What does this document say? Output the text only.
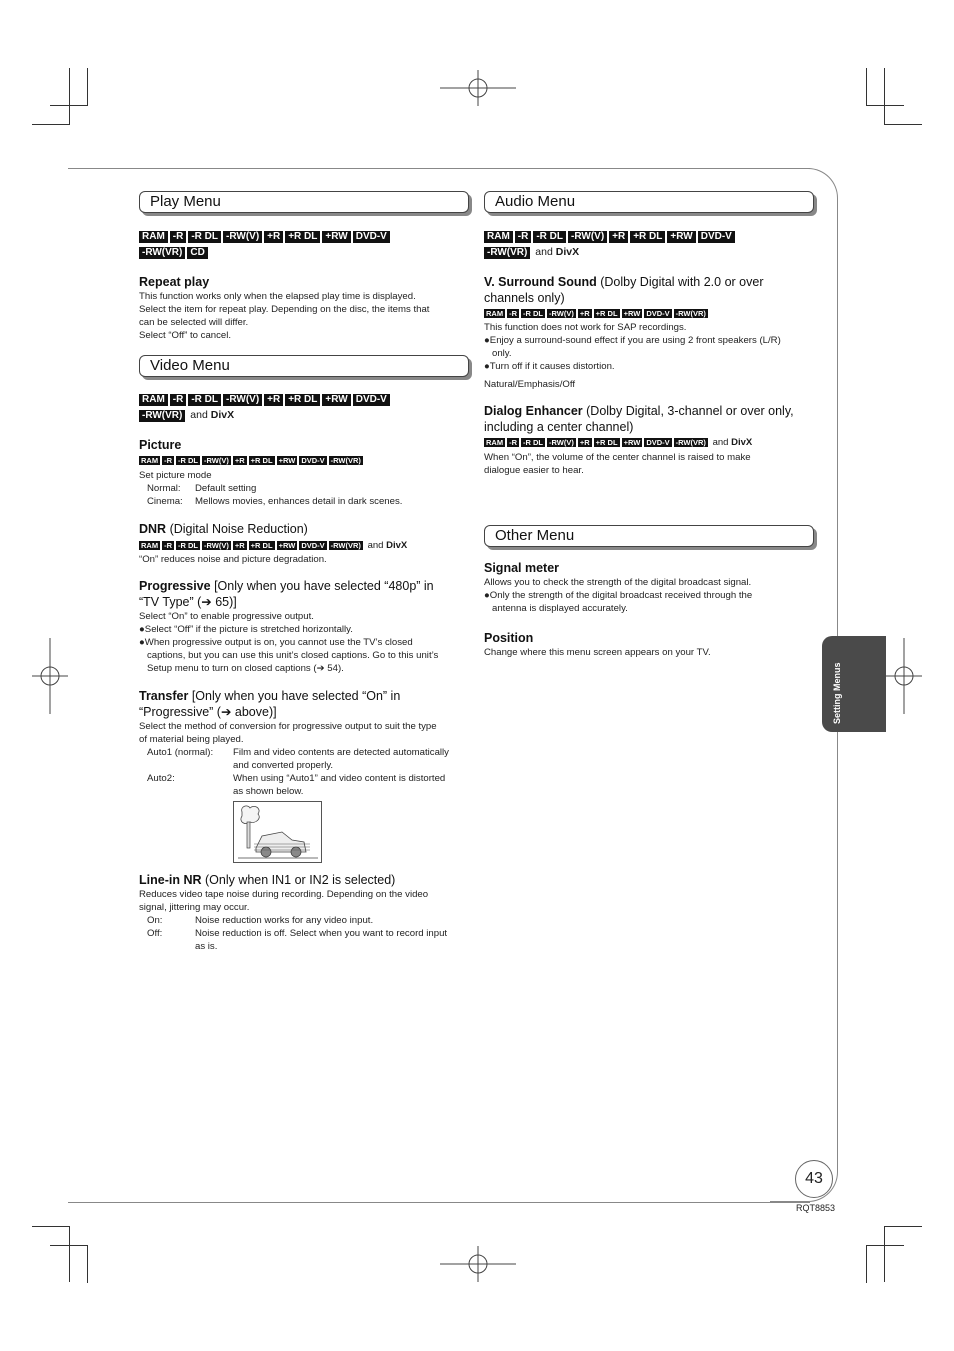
Play Menu
RAM -R -R DL -RW(V) +R +R DL +RW DVD-V
-RW(VR) CD
Repeat play
This function works only when the elapsed play time is displayed.
Select the item for repeat play. Depending on the disc, the items that
can be selected will differ.
Select “Off” to cancel.
Video Menu
RAM -R -R DL -RW(V) +R +R DL +RW DVD-V
-RW(VR) and DivX
Picture
RAM -R -R DL -RW(V) +R +R DL +RW DVD-V -RW(VR)
Set picture mode
Normal: Default setting
Cinema: Mellows movies, enhances detail in dark scenes.
DNR (Digital Noise Reduction)
RAM -R -R DL -RW(V) +R +R DL +RW DVD-V -RW(VR) and DivX
“On” reduces noise and picture degradation.
Progressive [Only when you have selected “480p” in
“TV Type” (➔ 65)]
Select “On” to enable progressive output.
●Select “Off” if the picture is stretched horizontally.
●When progressive output is on, you cannot use the TV’s closed
captions, but you can use this unit’s closed captions. Go to this unit’s
Setup menu to turn on closed captions (➔ 54).
Transfer [Only when you have selected “On” in
“Progressive” (➔ above)]
Select the method of conversion for progressive output to suit the type
of material being played.
Auto1 (normal): Film and video contents are detected automatically
and converted properly.
Auto2:	When using “Auto1” and video content is distorted
as shown below.
Line-in NR (Only when IN1 or IN2 is selected)
Reduces video tape noise during recording. Depending on the video
signal, jittering may occur.
On:	Noise reduction works for any video input.
Off:	Noise reduction is off. Select when you want to record input
as is.
Audio Menu
RAM -R -R DL -RW(V) +R +R DL +RW DVD-V
-RW(VR) and DivX
V. Surround Sound (Dolby Digital with 2.0 or over
channels only)
RAM -R -R DL -RW(V) +R +R DL +RW DVD-V -RW(VR)
This function does not work for SAP recordings.
●Enjoy a surround-sound effect if you are using 2 front speakers (L/R)
only.
●Turn off if it causes distortion.
Natural/Emphasis/Off
Dialog Enhancer (Dolby Digital, 3-channel or over only,
including a center channel)
RAM -R -R DL -RW(V) +R +R DL +RW DVD-V -RW(VR) and DivX
When “On”, the volume of the center channel is raised to make
dialogue easier to hear.
Other Menu
Signal meter
Allows you to check the strength of the digital broadcast signal.
●Only the strength of the digital broadcast received through the
antenna is displayed accurately.
Position
Change where this menu screen appears on your TV.
Setting Menus
43
RQT8853
